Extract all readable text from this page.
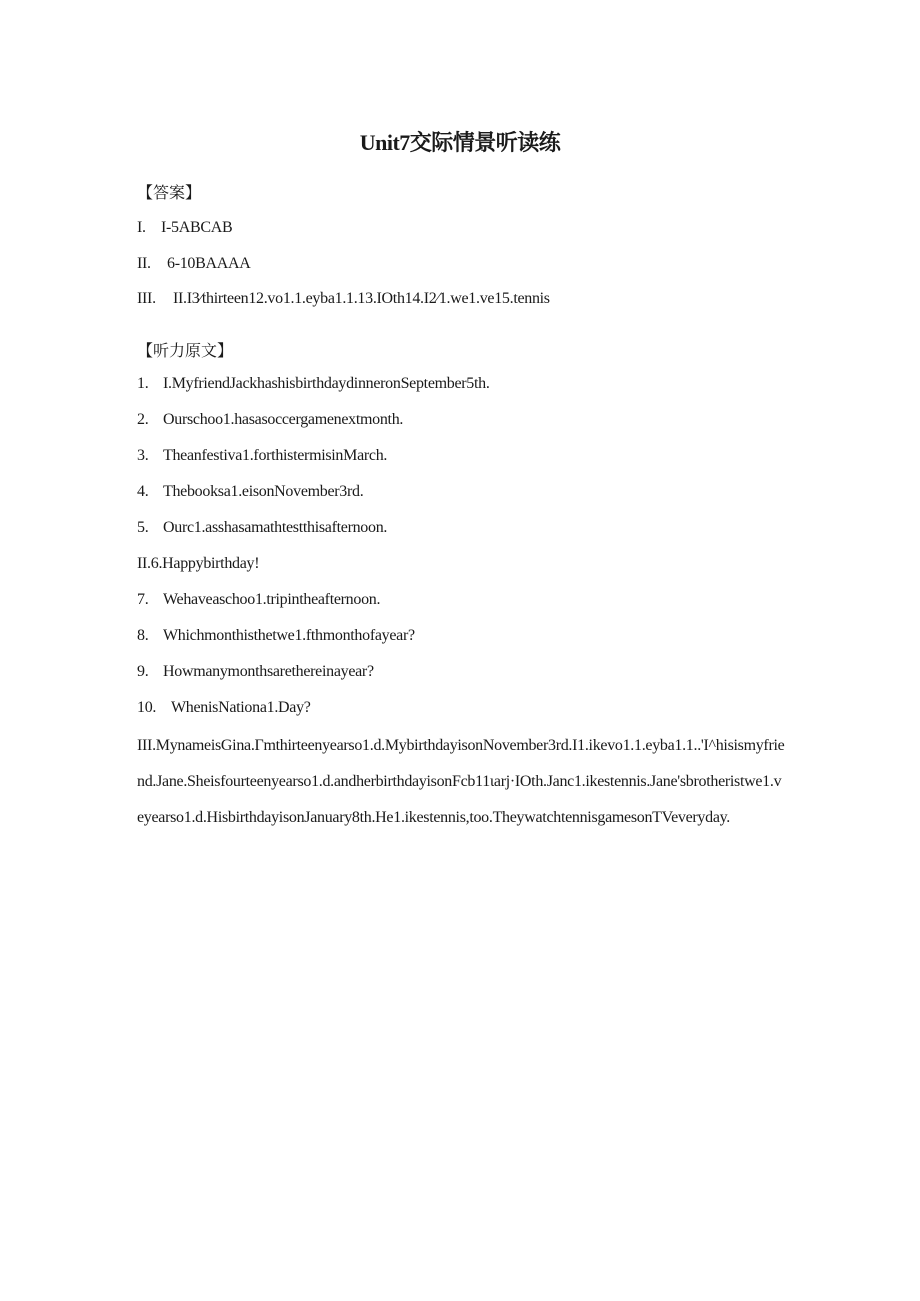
Unit7交际情景听读练
【答案】
I. I-5ABCAB
II. 6-10BAAAA
III. II.I3∕thirteen12.vo1.1.eyba1.1.13.IOth14.I2∕1.we1.ve15.tennis
【听力原文】
1. I.MyfriendJackhashisbirthdaydinneronSeptember5th.
2. Ourschoo1.hasasoccergamenextmonth.
3. Theanfestiva1.forthistermisinMarch.
4. Thebooksa1.eisonNovember3rd.
5. Ourc1.asshasamathtestthisafternoon.
II.6.Happybirthday!
7. Wehaveaschoo1.tripintheafternoon.
8. Whichmonthisthetwe1.fthmonthofayear?
9. Howmanymonthsarethereinayear?
10. WhenisNationa1.Day?
III.MynameisGina.Γmthirteenyearso1.d.MybirthdayisonNovember3rd.I1.ikevo1.1.eyba1.1..'I^hisismyfriend.Jane.Sheisfourteenyearso1.d.andherbirthdayisonFcb11ιarj·IOth.Janc1.ikestennis.Jane'sbrotheristwe1.veyearso1.d.HisbirthdayisonJanuary8th.He1.ikestennis,too.TheywatchtennisgamesonTVeveryday.
